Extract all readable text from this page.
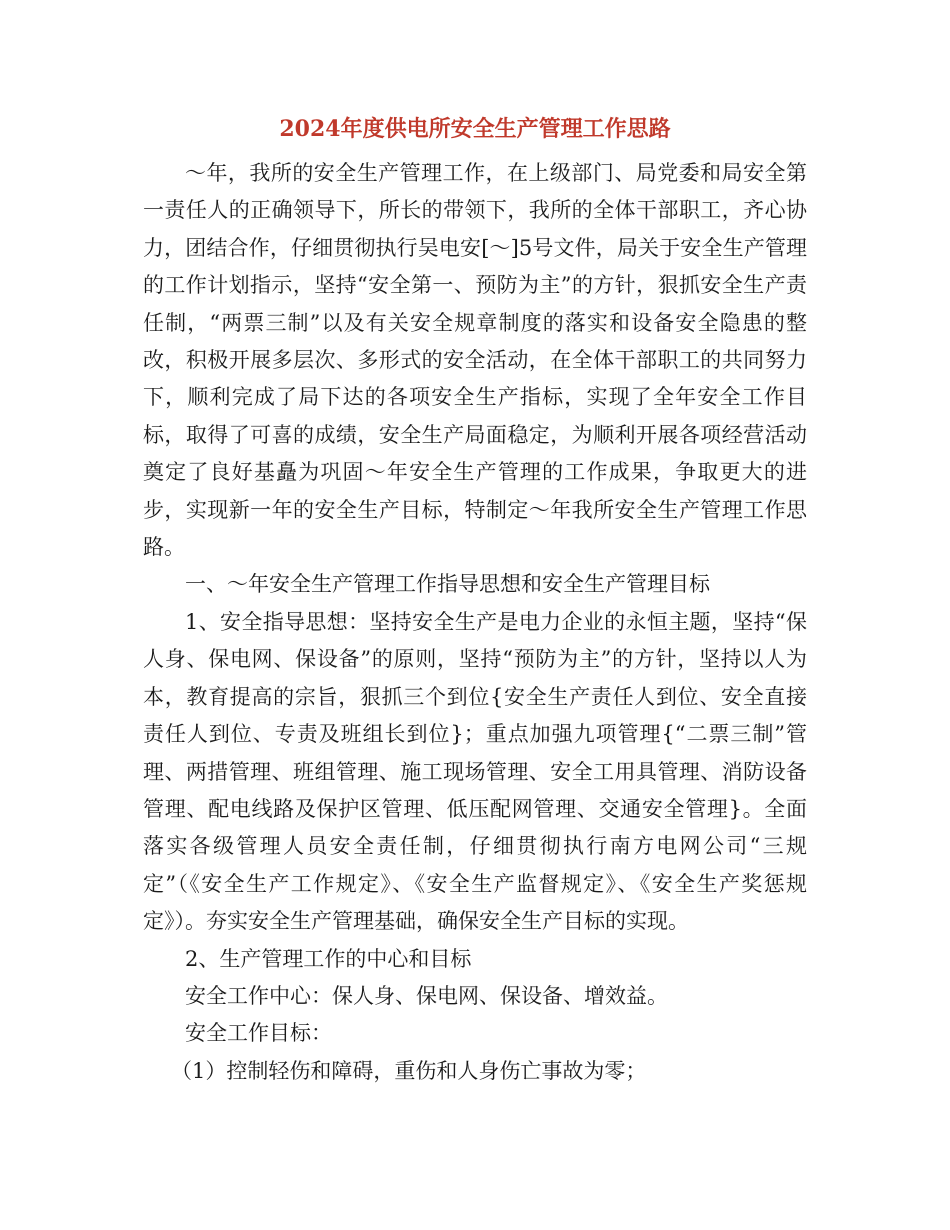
2024年度供电所安全生产管理工作思路

～年，我所的安全生产管理工作，在上级部门、局党委和局安全第一责任人的正确领导下，所长的带领下，我所的全体干部职工，齐心协力，团结合作，仔细贯彻执行吴电安[～]5号文件，局关于安全生产管理的工作计划指示，坚持“安全第一、预防为主”的方针，狠抓安全生产责任制，“两票三制”以及有关安全规章制度的落实和设备安全隐患的整改，积极开展多层次、多形式的安全活动，在全体干部职工的共同努力下，顺利完成了局下达的各项安全生产指标，实现了全年安全工作目标，取得了可喜的成绩，安全生产局面稳定，为顺利开展各项经营活动奠定了良好基矗为巩固～年安全生产管理的工作成果，争取更大的进步，实现新一年的安全生产目标，特制定～年我所安全生产管理工作思路。

一、～年安全生产管理工作指导思想和安全生产管理目标

1、安全指导思想：坚持安全生产是电力企业的永恒主题，坚持“保人身、保电网、保设备”的原则，坚持“预防为主”的方针，坚持以人为本，教育提高的宗旨，狠抓三个到位{安全生产责任人到位、安全直接责任人到位、专责及班组长到位}；重点加强九项管理{“二票三制”管理、两措管理、班组管理、施工现场管理、安全工用具管理、消防设备管理、配电线路及保护区管理、低压配网管理、交通安全管理}。全面落实各级管理人员安全责任制，仔细贯彻执行南方电网公司“三规定”（《安全生产工作规定》、《安全生产监督规定》、《安全生产奖惩规定》）。夯实安全生产管理基础，确保安全生产目标的实现。

2、生产管理工作的中心和目标

安全工作中心：保人身、保电网、保设备、增效益。

安全工作目标：

（1）控制轻伤和障碍，重伤和人身伤亡事故为零；
